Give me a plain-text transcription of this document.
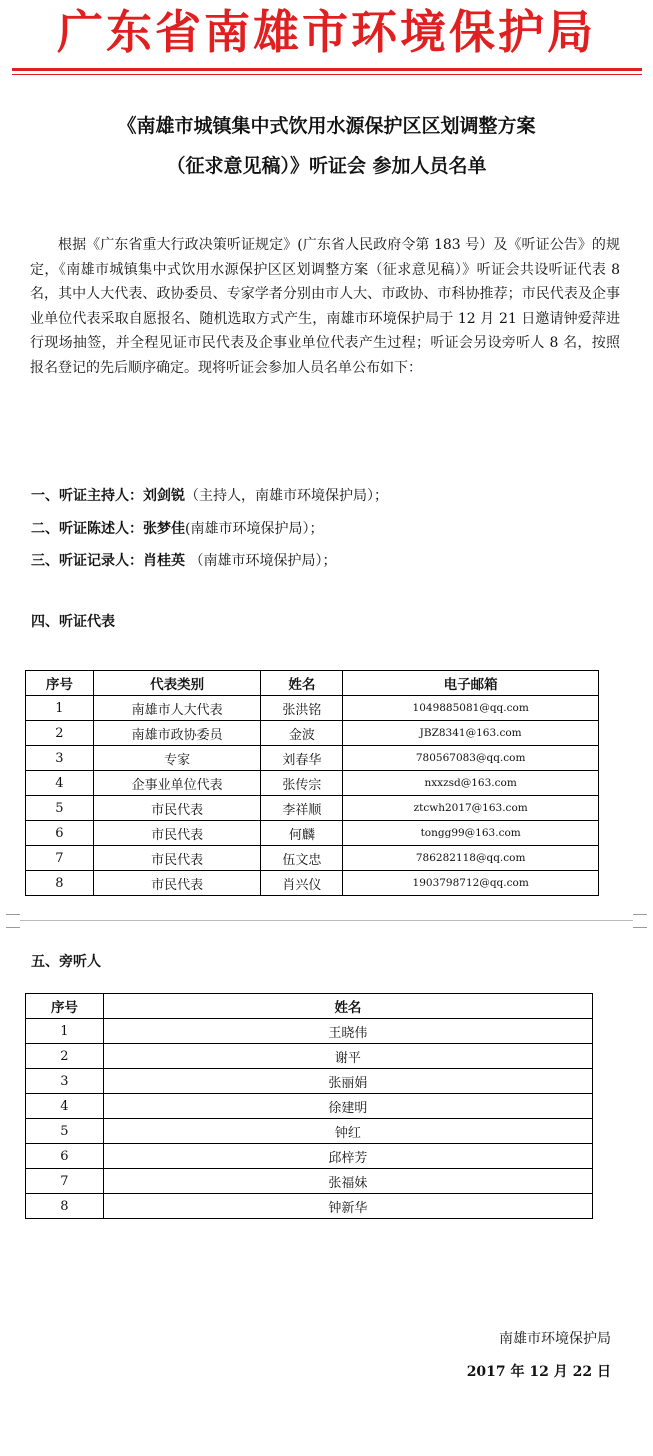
广东省南雄市环境保护局
《南雄市城镇集中式饮用水源保护区区划调整方案
（征求意见稿）》听证会 参加人员名单

根据《广东省重大行政决策听证规定》(广东省人民政府令第 183 号）及《听证公告》的规定，《南雄市城镇集中式饮用水源保护区区划调整方案（征求意见稿）》听证会共设听证代表 8 名，其中人大代表、政协委员、专家学者分别由市人大、市政协、市科协推荐；市民代表及企事业单位代表采取自愿报名、随机选取方式产生，南雄市环境保护局于 12 月 21 日邀请钟爱萍进行现场抽签，并全程见证市民代表及企事业单位代表产生过程；听证会另设旁听人 8 名，按照报名登记的先后顺序确定。现将听证会参加人员名单公布如下：

一、听证主持人：刘剑锐（主持人，南雄市环境保护局）；
二、听证陈述人：张梦佳(南雄市环境保护局）；
三、听证记录人：肖桂英 （南雄市环境保护局）；
四、听证代表
序号	代表类别	姓名	电子邮箱
1	南雄市人大代表	张洪铭	1049885081@qq.com
2	南雄市政协委员	金波	JBZ8341@163.com
3	专家	刘春华	780567083@qq.com
4	企事业单位代表	张传宗	nxxzsd@163.com
5	市民代表	李祥顺	ztcwh2017@163.com
6	市民代表	何麟	tongg99@163.com
7	市民代表	伍文忠	786282118@qq.com
8	市民代表	肖兴仪	1903798712@qq.com
五、旁听人
序号	姓名
1	王晓伟
2	谢平
3	张丽娟
4	徐建明
5	钟红
6	邱梓芳
7	张福妹
8	钟新华
南雄市环境保护局
2017 年 12 月 22 日
